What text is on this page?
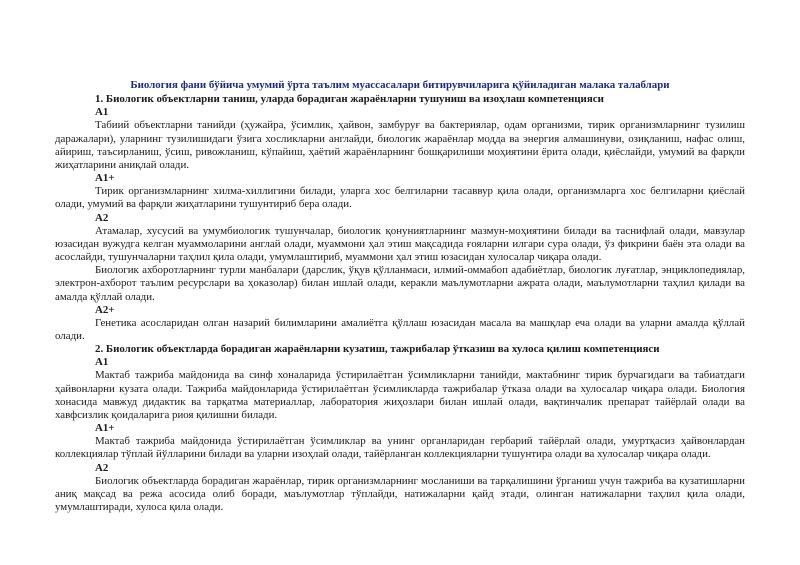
Биология фани бўйича умумий ўрта таълим муассасалари битирувчиларига қўйиладиган малака талаблари

1. Биологик объектларни таниш, уларда борадиган жараёнларни тушуниш ва изоҳлаш компетенцияси

A1

Табиий объектларни танийди (ҳужайра, ўсимлик, ҳайвон, замбуруғ ва бактериялар, одам организми, тирик организмларнинг тузилиш даражалари), уларнинг тузилишидаги ўзига хосликларни англайди, биологик жараёнлар модда ва энергия алмашинуви, озиқланиш, нафас олиш, айириш, таъсирланиш, ўсиш, ривожланиш, кўпайиш, ҳаётий жараёнларнинг бошқарилиши моҳиятини ёрита олади, қиёслайди, умумий ва фарқли жиҳатларини аниқлай олади.

A1+

Тирик организмларнинг хилма-хиллигини билади, уларга хос белгиларни тасаввур қила олади, организмларга хос белгиларни қиёслай олади, умумий ва фарқли жиҳатларини тушунтириб бера олади.

A2

Атамалар, хусусий ва умумбиологик тушунчалар, биологик қонуниятларнинг мазмун-моҳиятини билади ва таснифлай олади, мавзулар юзасидан вужудга келган муаммоларини англай олади, муаммони ҳал этиш мақсадида ғояларни илгари сура олади, ўз фикрини баён эта олади ва асослайди, тушунчаларни таҳлил қила олади, умумлаштириб, муаммони ҳал этиш юзасидан хулосалар чиқара олади.

Биологик ахборотларнинг турли манбалари (дарслик, ўқув қўлланмаси, илмий-оммабоп адабиётлар, биологик луғатлар, энциклопедиялар, электрон-ахборот таълим ресурслари ва ҳоказолар) билан ишлай олади, керакли маълумотларни ажрата олади, маълумотларни таҳлил қилади ва амалда қўллай олади.

A2+

Генетика асосларидан олган назарий билимларини амалиётга қўллаш юзасидан масала ва машқлар ечa олади ва уларни амалда қўллай олади.

2. Биологик объектларда борадиган жараёнларни кузатиш, тажрибалар ўтказиш ва хулоса қилиш компетенцияси

A1

Мактаб тажриба майдонида ва синф хоналарида ўстирилаётган ўсимликларни танийди, мактабнинг тирик бурчагидаги ва табиатдаги ҳайвонларни кузата олади. Тажриба майдонларида ўстирилаётган ўсимликларда тажрибалар ўтказа олади ва хулосалар чиқара олади. Биология хонасида мавжуд дидактик ва тарқатма материаллар, лаборатория жиҳозлари билан ишлай олади, вақтинчалик препарат тайёрлай олади ва хавфсизлик қоидаларига риоя қилишни билади.

A1+

Мактаб тажриба майдонида ўстирилаётган ўсимликлар ва унинг органларидан гербарий тайёрлай олади, умуртқасиз ҳайвонлардан коллекциялар тўплай йўлларини билади ва уларни изоҳлай олади, тайёрланган коллекцияларни тушунтира олади ва хулосалар чиқара олади.

A2

Биологик объектларда борадиган жараёнлар, тирик организмларнинг мосланиши ва тарқалишини ўрганиш учун тажриба ва кузатишларни аниқ мақсад ва режа асосида олиб боради, маълумотлар тўплайди, натижаларни қайд этади, олинган натижаларни таҳлил қила олади, умумлаштиради, хулоса қила олади.
